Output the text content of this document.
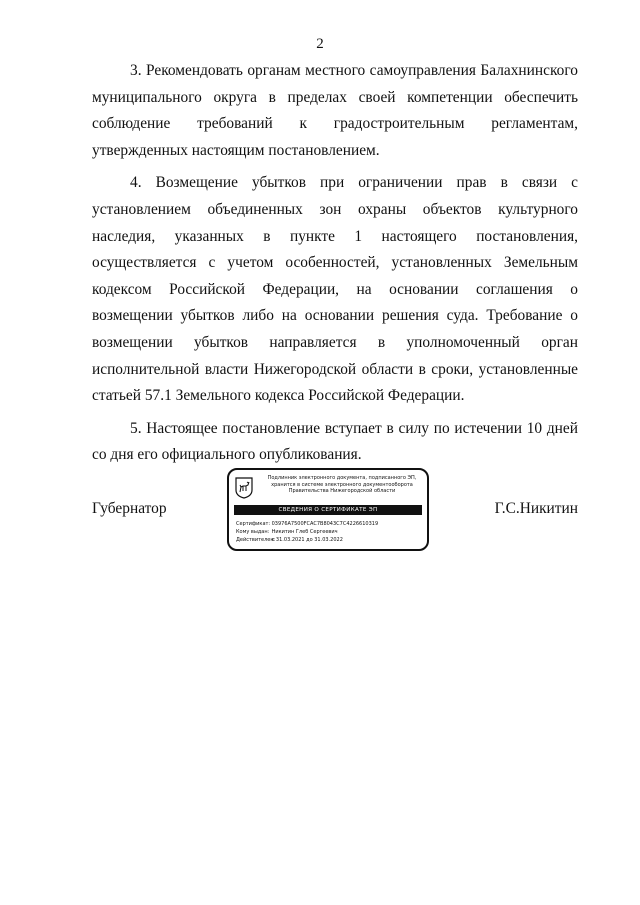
2

3. Рекомендовать органам местного самоуправления Балахнинского муниципального округа в пределах своей компетенции обеспечить соблюдение требований к градостроительным регламентам, утвержденных настоящим постановлением.

4. Возмещение убытков при ограничении прав в связи с установлением объединенных зон охраны объектов культурного наследия, указанных в пункте 1 настоящего постановления, осуществляется с учетом особенностей, установленных Земельным кодексом Российской Федерации, на основании соглашения о возмещении убытков либо на основании решения суда. Требование о возмещении убытков направляется в уполномоченный орган исполнительной власти Нижегородской области в сроки, установленные статьей 57.1 Земельного кодекса Российской Федерации.

5. Настоящее постановление вступает в силу по истечении 10 дней со дня его официального опубликования.

Губернатор
Подлинник электронного документа, подписанного ЭП,
хранится в системе электронного документооборота
Правительства Нижегородской области
СВЕДЕНИЯ О СЕРТИФИКАТЕ ЭП
Сертификат: 03976A7500FCAC7B8043C7C4226610319
Кому выдан: Никитин Глеб Сергеевич
Действителен: с 31.03.2021 до 31.03.2022
Г.С.Никитин
